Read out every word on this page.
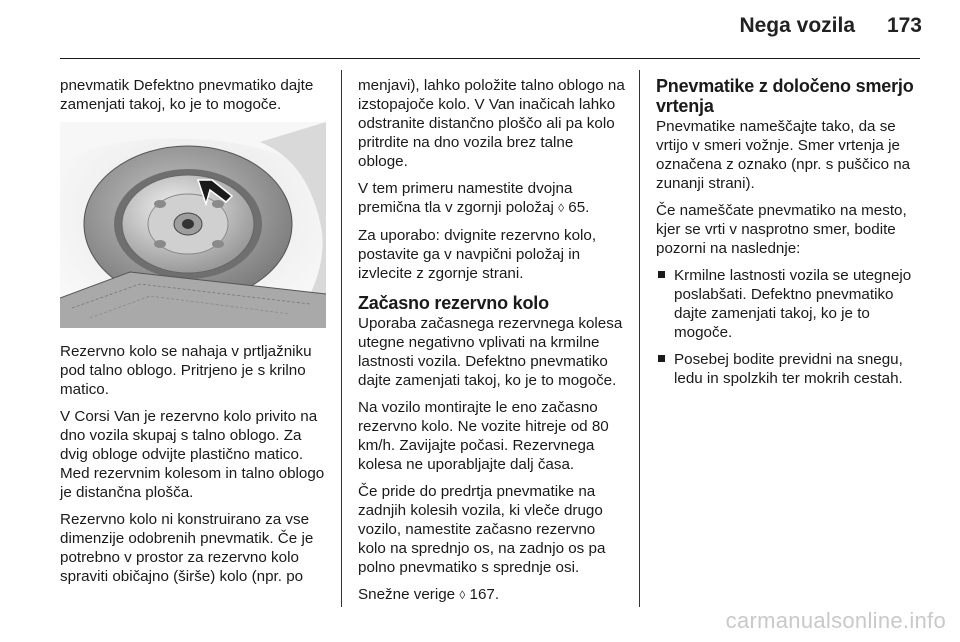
Nega vozila 173

pnevmatik Defektno pnevmatiko dajte zamenjati takoj, ko je to mogoče.

Rezervno kolo se nahaja v prtljažniku pod talno oblogo. Pritrjeno je s krilno matico.

V Corsi Van je rezervno kolo privito na dno vozila skupaj s talno oblogo. Za dvig obloge odvijte plastično matico. Med rezervnim kolesom in talno oblogo je distančna plošča.

Rezervno kolo ni konstruirano za vse dimenzije odobrenih pnevmatik. Če je potrebno v prostor za rezervno kolo spraviti običajno (širše) kolo (npr. po

menjavi), lahko položite talno oblogo na izstopajoče kolo. V Van inačicah lahko odstranite distančno ploščo ali pa kolo pritrdite na dno vozila brez talne obloge.

V tem primeru namestite dvojna premična tla v zgornji položaj ◊ 65.

Za uporabo: dvignite rezervno kolo, postavite ga v navpični položaj in izvlecite z zgornje strani.

Začasno rezervno kolo

Uporaba začasnega rezervnega kolesa utegne negativno vplivati na krmilne lastnosti vozila. Defektno pnevmatiko dajte zamenjati takoj, ko je to mogoče.

Na vozilo montirajte le eno začasno rezervno kolo. Ne vozite hitreje od 80 km/h. Zavijajte počasi. Rezervnega kolesa ne uporabljajte dalj časa.

Če pride do predrtja pnevmatike na zadnjih kolesih vozila, ki vleče drugo vozilo, namestite začasno rezervno kolo na sprednjo os, na zadnjo os pa polno pnevmatiko s sprednje osi.

Snežne verige ◊ 167.

Pnevmatike z določeno smerjo vrtenja

Pnevmatike nameščajte tako, da se vrtijo v smeri vožnje. Smer vrtenja je označena z oznako (npr. s puščico na zunanji strani).

Če nameščate pnevmatiko na mesto, kjer se vrti v nasprotno smer, bodite pozorni na naslednje:

Krmilne lastnosti vozila se utegnejo poslabšati. Defektno pnevmatiko dajte zamenjati takoj, ko je to mogoče.
Posebej bodite previdni na snegu, ledu in spolzkih ter mokrih cestah.
carmanualsonline.info
